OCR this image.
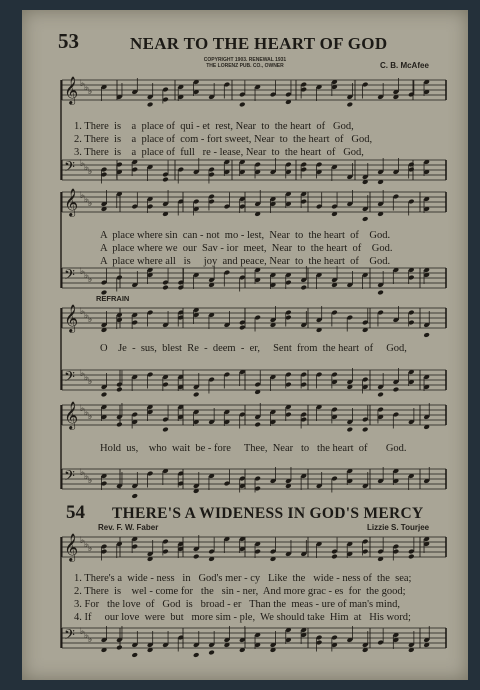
53	NEAR TO THE HEART OF GOD
COPYRIGHT 1903. RENEWAL 1931
THE LORENZ PUB. CO., OWNER	C. B. McAfee
REFRAIN
54 THERE'S A WIDENESS IN GOD'S MERCY
Rev. F. W. Faber	Lizzie S. Tourjee
1. There  is    a  place of  qui - et  rest, Near  to  the heart  of   God,
2. There  is    a  place of  com - fort sweet, Near  to  the heart  of   God,
3. There  is    a  place of  full   re - lease, Near  to  the heart  of   God,
A  place where sin  can - not  mo - lest,  Near  to  the heart  of    God.
A  place where we  our  Sav - ior  meet,  Near  to  the heart  of    God.
A  place where all   is     joy  and peace, Near  to  the heart  of    God.
O    Je  -  sus,  blest  Re  -  deem  -  er,     Sent  from  the heart  of     God,
Hold  us,    who  wait  be - fore     Thee,  Near   to   the heart  of       God.
1. There's a  wide - ness   in   God's mer - cy   Like  the   wide - ness of  the  sea;
2. There  is    wel - come for   the   sin - ner,  And more grac - es  for  the good;
3. For   the love  of   God  is   broad - er   Than the  meas - ure of man's mind,
4. If     our love  were  but   more sim - ple,  We should take  Him  at   His word;
𝄞 ♭ ♭ ♭
𝄢 ♭ ♭ ♭
𝄞 ♭ ♭ ♭
𝄢 ♭ ♭ ♭
𝄞 ♭ ♭ ♭
𝄢 ♭ ♭ ♭
𝄞 ♭ ♭ ♭
𝄢 ♭ ♭ ♭
𝄞 ♭ ♭ ♭
𝄢 ♭ ♭ ♭
